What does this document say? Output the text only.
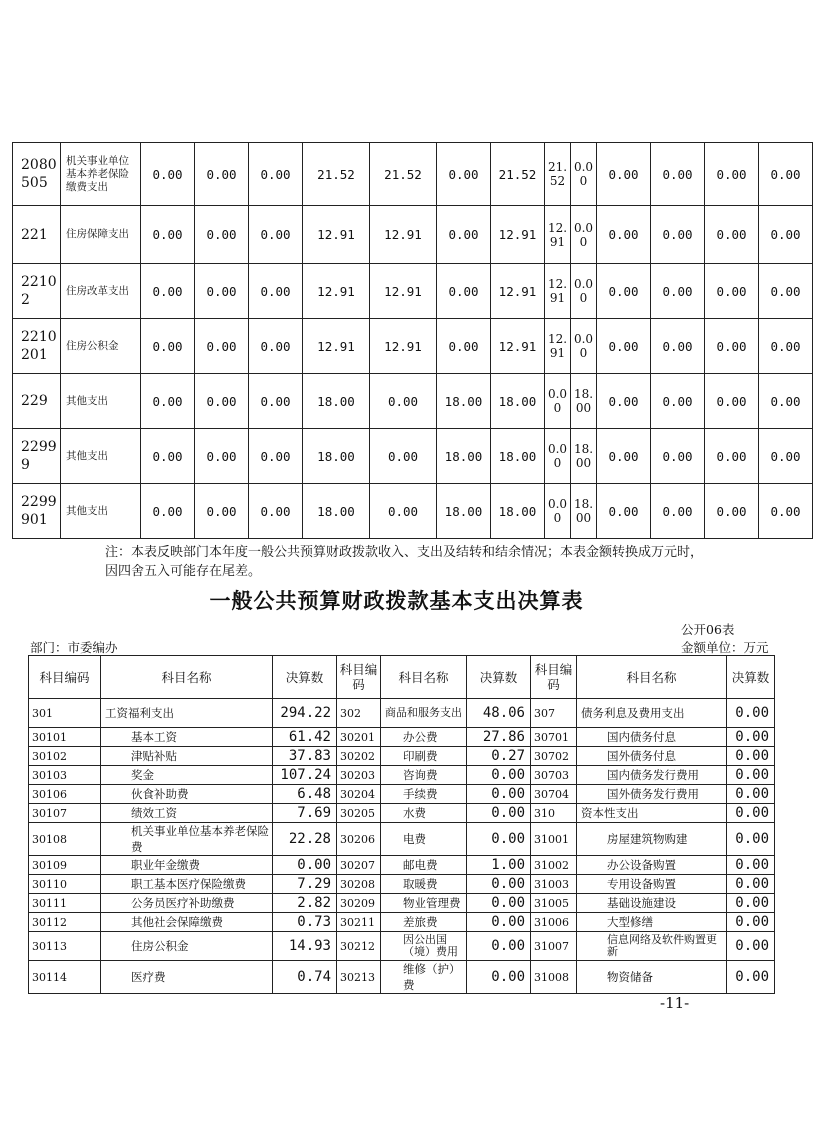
2080505	机关事业单位基本养老保险缴费支出	0.00	0.00	0.00	21.52	21.52	0.00	21.52	21.52	0.00	0.00	0.00	0.00	0.00
221	住房保障支出	0.00	0.00	0.00	12.91	12.91	0.00	12.91	12.91	0.00	0.00	0.00	0.00	0.00
22102	住房改革支出	0.00	0.00	0.00	12.91	12.91	0.00	12.91	12.91	0.00	0.00	0.00	0.00	0.00
2210201	住房公积金	0.00	0.00	0.00	12.91	12.91	0.00	12.91	12.91	0.00	0.00	0.00	0.00	0.00
229	其他支出	0.00	0.00	0.00	18.00	0.00	18.00	18.00	0.00	18.00	0.00	0.00	0.00	0.00
22999	其他支出	0.00	0.00	0.00	18.00	0.00	18.00	18.00	0.00	18.00	0.00	0.00	0.00	0.00
2299901	其他支出	0.00	0.00	0.00	18.00	0.00	18.00	18.00	0.00	18.00	0.00	0.00	0.00	0.00

注：本表反映部门本年度一般公共预算财政拨款收入、支出及结转和结余情况；本表金额转换成万元时，因四舍五入可能存在尾差。

一般公共预算财政拨款基本支出决算表
公开06表
部门：市委编办	金额单位：万元
科目编码	科目名称	决算数	科目编码	科目名称	决算数	科目编码	科目名称	决算数
301	工资福利支出	294.22	302	商品和服务支出	48.06	307	债务利息及费用支出	0.00
30101	基本工资	61.42	30201	办公费	27.86	30701	国内债务付息	0.00
30102	津贴补贴	37.83	30202	印刷费	0.27	30702	国外债务付息	0.00
30103	奖金	107.24	30203	咨询费	0.00	30703	国内债务发行费用	0.00
30106	伙食补助费	6.48	30204	手续费	0.00	30704	国外债务发行费用	0.00
30107	绩效工资	7.69	30205	水费	0.00	310	资本性支出	0.00
30108	机关事业单位基本养老保险费	22.28	30206	电费	0.00	31001	房屋建筑物购建	0.00
30109	职业年金缴费	0.00	30207	邮电费	1.00	31002	办公设备购置	0.00
30110	职工基本医疗保险缴费	7.29	30208	取暖费	0.00	31003	专用设备购置	0.00
30111	公务员医疗补助缴费	2.82	30209	物业管理费	0.00	31005	基础设施建设	0.00
30112	其他社会保障缴费	0.73	30211	差旅费	0.00	31006	大型修缮	0.00
30113	住房公积金	14.93	30212	因公出国（境）费用	0.00	31007	信息网络及软件购置更新	0.00
30114	医疗费	0.74	30213	维修（护）费	0.00	31008	物资储备	0.00
-11-
